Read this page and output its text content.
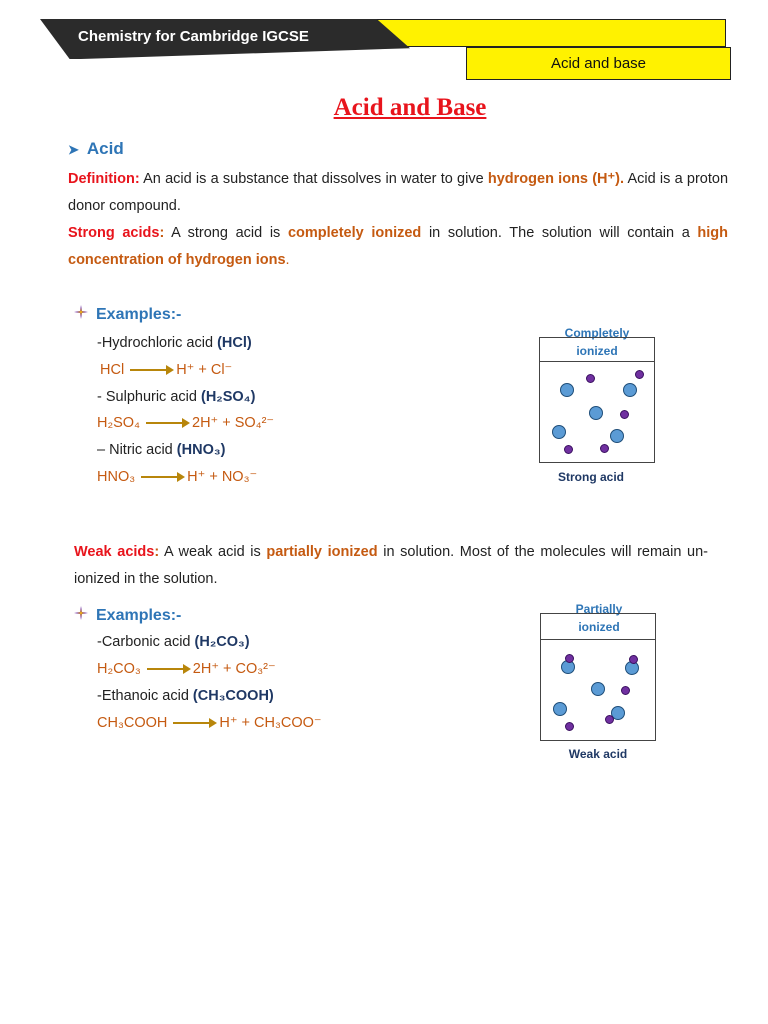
Chemistry for Cambridge IGCSE
Acid and base
Acid and Base
➤ Acid
Definition: An acid is a substance that dissolves in water to give hydrogen ions (H⁺). Acid is a proton donor compound.
Strong acids: A strong acid is completely ionized in solution. The solution will contain a high concentration of hydrogen ions.
Examples:-
-Hydrochloric acid (HCl)
HCl	H⁺ + Cl⁻
- Sulphuric acid (H₂SO₄)
H₂SO₄	2H⁺ + SO₄²⁻
– Nitric acid (HNO₃)
HNO₃	H⁺ + NO₃⁻
Completely
ionized
Strong acid
Weak acids: A weak acid is partially ionized in solution. Most of the molecules will remain un-ionized in the solution.
Examples:-
-Carbonic acid (H₂CO₃)
H₂CO₃	2H⁺ + CO₃²⁻
-Ethanoic acid (CH₃COOH)
CH₃COOH	H⁺ + CH₃COO⁻
Partially
ionized
Weak acid
